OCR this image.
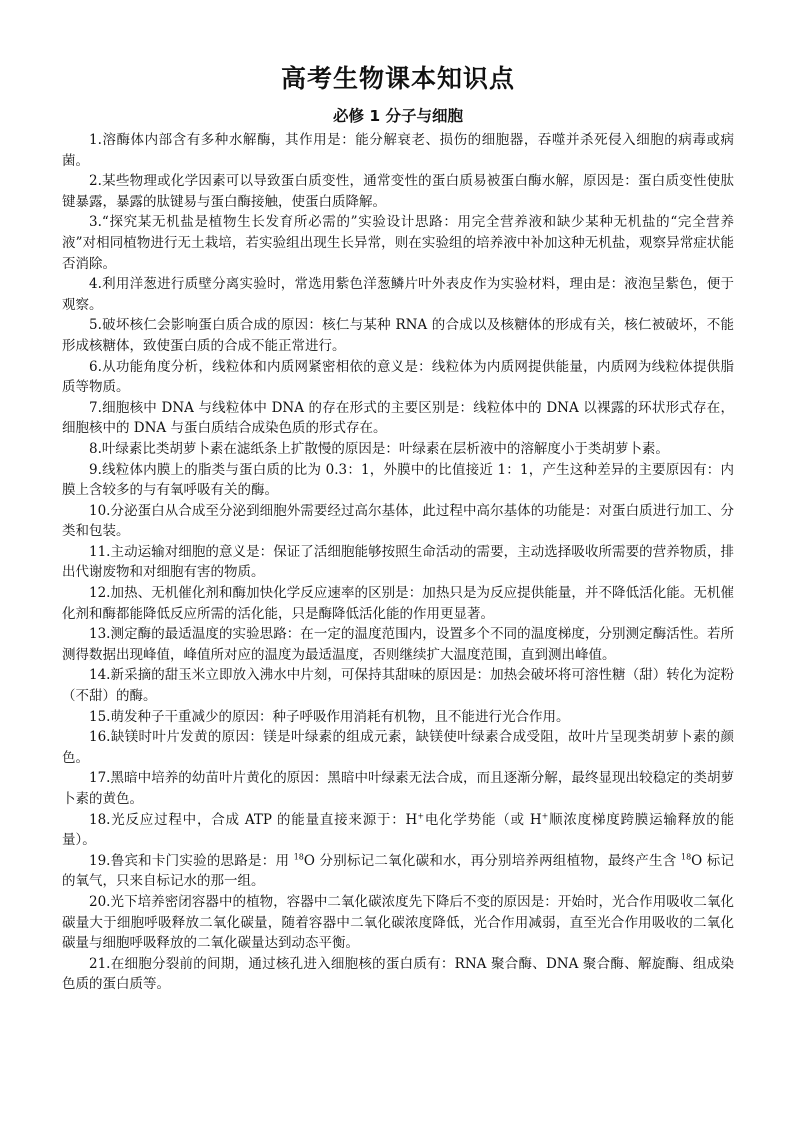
高考生物课本知识点
必修 1 分子与细胞

1.溶酶体内部含有多种水解酶，其作用是：能分解衰老、损伤的细胞器，吞噬并杀死侵入细胞的病毒或病菌。

2.某些物理或化学因素可以导致蛋白质变性，通常变性的蛋白质易被蛋白酶水解，原因是：蛋白质变性使肽键暴露，暴露的肽键易与蛋白酶接触，使蛋白质降解。

3.“探究某无机盐是植物生长发育所必需的”实验设计思路：用完全营养液和缺少某种无机盐的“完全营养液”对相同植物进行无土栽培，若实验组出现生长异常，则在实验组的培养液中补加这种无机盐，观察异常症状能否消除。

4.利用洋葱进行质壁分离实验时，常选用紫色洋葱鳞片叶外表皮作为实验材料，理由是：液泡呈紫色，便于观察。

5.破坏核仁会影响蛋白质合成的原因：核仁与某种 RNA 的合成以及核糖体的形成有关，核仁被破坏，不能形成核糖体，致使蛋白质的合成不能正常进行。

6.从功能角度分析，线粒体和内质网紧密相依的意义是：线粒体为内质网提供能量，内质网为线粒体提供脂质等物质。

7.细胞核中 DNA 与线粒体中 DNA 的存在形式的主要区别是：线粒体中的 DNA 以裸露的环状形式存在，细胞核中的 DNA 与蛋白质结合成染色质的形式存在。

8.叶绿素比类胡萝卜素在滤纸条上扩散慢的原因是：叶绿素在层析液中的溶解度小于类胡萝卜素。

9.线粒体内膜上的脂类与蛋白质的比为 0.3：1，外膜中的比值接近 1：1，产生这种差异的主要原因有：内膜上含较多的与有氧呼吸有关的酶。

10.分泌蛋白从合成至分泌到细胞外需要经过高尔基体，此过程中高尔基体的功能是：对蛋白质进行加工、分类和包装。

11.主动运输对细胞的意义是：保证了活细胞能够按照生命活动的需要，主动选择吸收所需要的营养物质，排出代谢废物和对细胞有害的物质。

12.加热、无机催化剂和酶加快化学反应速率的区别是：加热只是为反应提供能量，并不降低活化能。无机催化剂和酶都能降低反应所需的活化能，只是酶降低活化能的作用更显著。

13.测定酶的最适温度的实验思路：在一定的温度范围内，设置多个不同的温度梯度，分别测定酶活性。若所测得数据出现峰值，峰值所对应的温度为最适温度，否则继续扩大温度范围，直到测出峰值。

14.新采摘的甜玉米立即放入沸水中片刻，可保持其甜味的原因是：加热会破坏将可溶性糖（甜）转化为淀粉（不甜）的酶。

15.萌发种子干重减少的原因：种子呼吸作用消耗有机物，且不能进行光合作用。

16.缺镁时叶片发黄的原因：镁是叶绿素的组成元素，缺镁使叶绿素合成受阻，故叶片呈现类胡萝卜素的颜色。

17.黑暗中培养的幼苗叶片黄化的原因：黑暗中叶绿素无法合成，而且逐渐分解，最终显现出较稳定的类胡萝卜素的黄色。

18.光反应过程中，合成 ATP 的能量直接来源于：H+电化学势能（或 H+顺浓度梯度跨膜运输释放的能量）。

19.鲁宾和卡门实验的思路是：用 $^{18}$O 分别标记二氧化碳和水，再分别培养两组植物，最终产生含 $^{18}$O 标记的氧气，只来自标记水的那一组。

20.光下培养密闭容器中的植物，容器中二氧化碳浓度先下降后不变的原因是：开始时，光合作用吸收二氧化碳量大于细胞呼吸释放二氧化碳量，随着容器中二氧化碳浓度降低，光合作用减弱，直至光合作用吸收的二氧化碳量与细胞呼吸释放的二氧化碳量达到动态平衡。

21.在细胞分裂前的间期，通过核孔进入细胞核的蛋白质有：RNA 聚合酶、DNA 聚合酶、解旋酶、组成染色质的蛋白质等。
